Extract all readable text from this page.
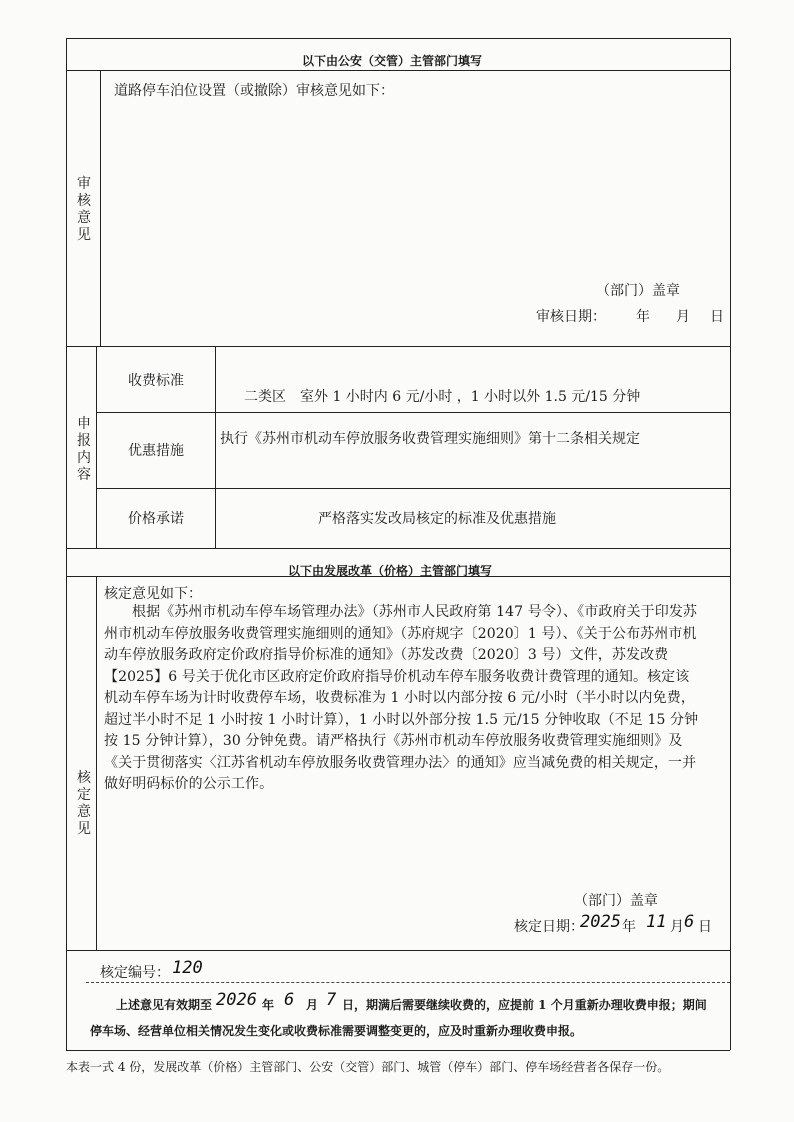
以下由公安（交管）主管部门填写
审核意见
道路停车泊位设置（或撤除）审核意见如下：
（部门）盖章
审核日期： 年 月 日
申报内容
收费标准
二类区　室外 1 小时内 6 元/小时 ，1 小时以外 1.5 元/15 分钟
优惠措施
执行《苏州市机动车停放服务收费管理实施细则》第十二条相关规定
价格承诺	严格落实发改局核定的标准及优惠措施
以下由发展改革（价格）主管部门填写
核定意见
核定意见如下：
根据《苏州市机动车停车场管理办法》（苏州市人民政府第 147 号令）、《市政府关于印发苏州市机动车停放服务收费管理实施细则的通知》（苏府规字〔2020〕1 号）、《关于公布苏州市机动车停放服务政府定价政府指导价标准的通知》（苏发改费〔2020〕3 号）文件，苏发改费【2025】6 号关于优化市区政府定价政府指导价机动车停车服务收费计费管理的通知。核定该机动车停车场为计时收费停车场，收费标准为 1 小时以内部分按 6 元/小时（半小时以内免费，超过半小时不足 1 小时按 1 小时计算），1 小时以外部分按 1.5 元/15 分钟收取（不足 15 分钟按 15 分钟计算），30 分钟免费。请严格执行《苏州市机动车停放服务收费管理实施细则》及《关于贯彻落实〈江苏省机动车停放服务收费管理办法〉的通知》应当减免费的相关规定，一并做好明码标价的公示工作。
（部门）盖章
核定日期：
2025 年 11 月 6 日
核定编号： 120
上述意见有效期至 2026 年 6 月 7 日，期满后需要继续收费的，应提前 1 个月重新办理收费申报；期间
停车场、经营单位相关情况发生变化或收费标准需要调整变更的，应及时重新办理收费申报。
本表一式 4 份，发展改革（价格）主管部门、公安（交管）部门、城管（停车）部门、停车场经营者各保存一份。
